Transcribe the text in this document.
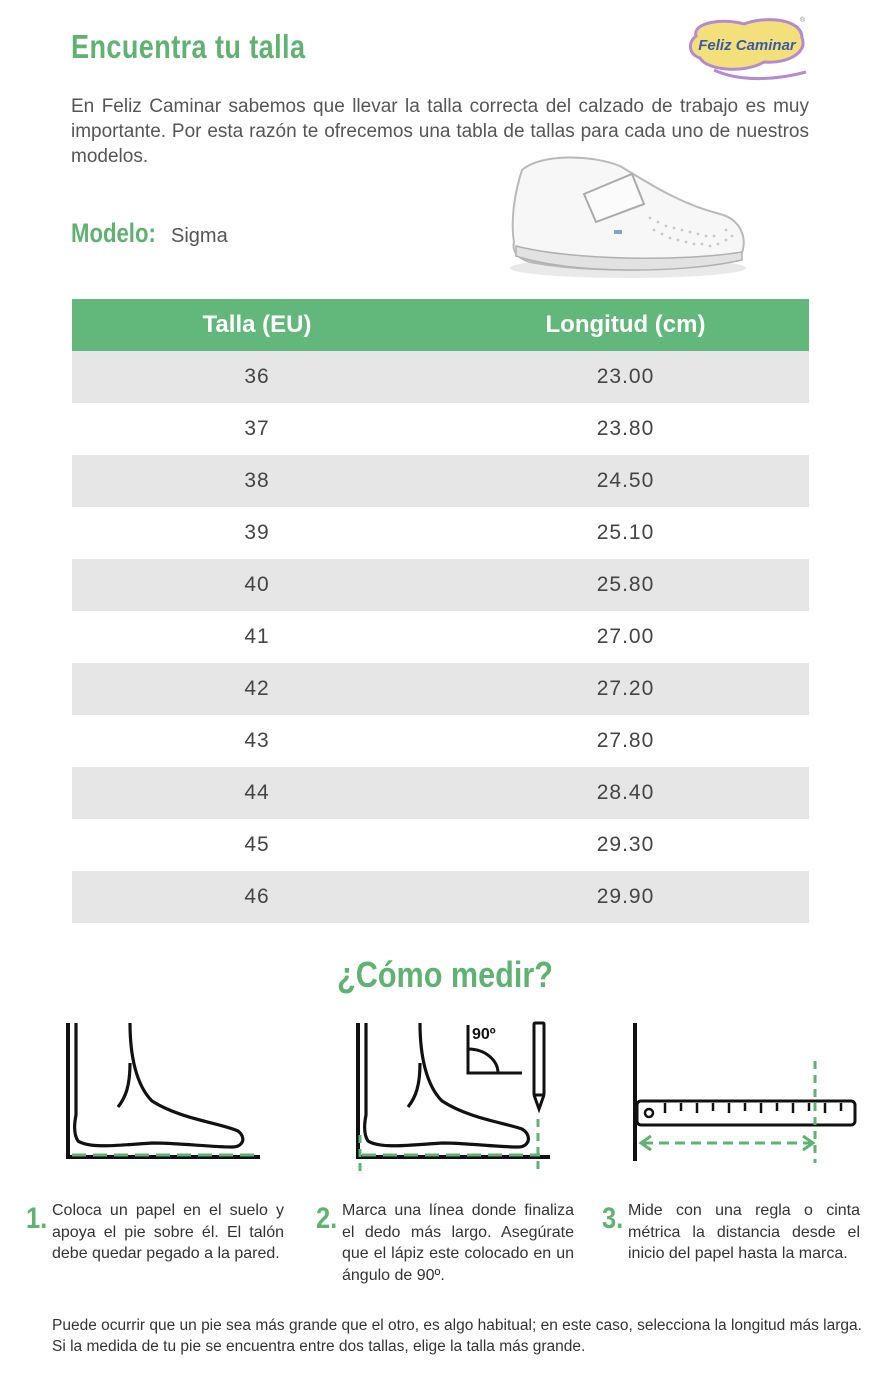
Encuentra tu talla	Feliz Caminar
®

En Feliz Caminar sabemos que llevar la talla correcta del calzado de trabajo es muy importante. Por esta razón te ofrecemos una tabla de tallas para cada uno de nuestros modelos.

Modelo: Sigma
Talla (EU)	Longitud (cm)
36	23.00
37	23.80
38	24.50
39	25.10
40	25.80
41	27.00
42	27.20
43	27.80
44	28.40
45	29.30
46	29.90
¿Cómo medir?
90º
1. Coloca un papel en el suelo y apoya el pie sobre él. El talón debe quedar pegado a la pared.

2. Marca una línea donde finaliza el dedo más largo. Asegúrate que el lápiz este colocado en un ángulo de 90º.

3. Mide con una regla o cinta métrica la distancia desde el inicio del papel hasta la marca.

Puede ocurrir que un pie sea más grande que el otro, es algo habitual; en este caso, selecciona la longitud más larga. Si la medida de tu pie se encuentra entre dos tallas, elige la talla más grande.
